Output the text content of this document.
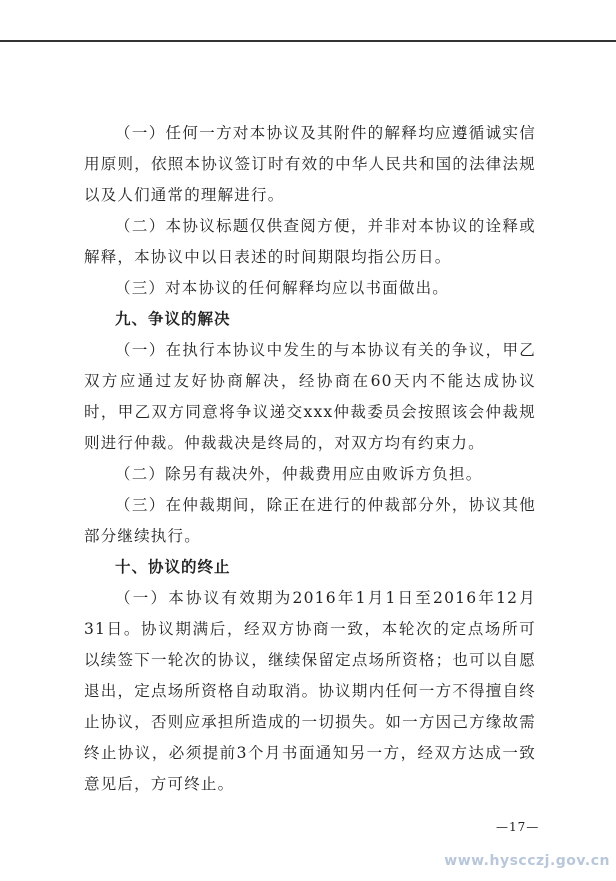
（一）任何一方对本协议及其附件的解释均应遵循诚实信用原则，依照本协议签订时有效的中华人民共和国的法律法规以及人们通常的理解进行。

（二）本协议标题仅供查阅方便，并非对本协议的诠释或解释，本协议中以日表述的时间期限均指公历日。

（三）对本协议的任何解释均应以书面做出。

九、争议的解决

（一）在执行本协议中发生的与本协议有关的争议，甲乙双方应通过友好协商解决，经协商在60天内不能达成协议时，甲乙双方同意将争议递交xxx仲裁委员会按照该会仲裁规则进行仲裁。仲裁裁决是终局的，对双方均有约束力。

（二）除另有裁决外，仲裁费用应由败诉方负担。

（三）在仲裁期间，除正在进行的仲裁部分外，协议其他部分继续执行。

十、协议的终止

（一）本协议有效期为2016年1月1日至2016年12月31日。协议期满后，经双方协商一致，本轮次的定点场所可以续签下一轮次的协议，继续保留定点场所资格；也可以自愿退出，定点场所资格自动取消。协议期内任何一方不得擅自终止协议，否则应承担所造成的一切损失。如一方因己方缘故需终止协议，必须提前3个月书面通知另一方，经双方达成一致意见后，方可终止。

—17—
www.hyscczj.gov.cn
